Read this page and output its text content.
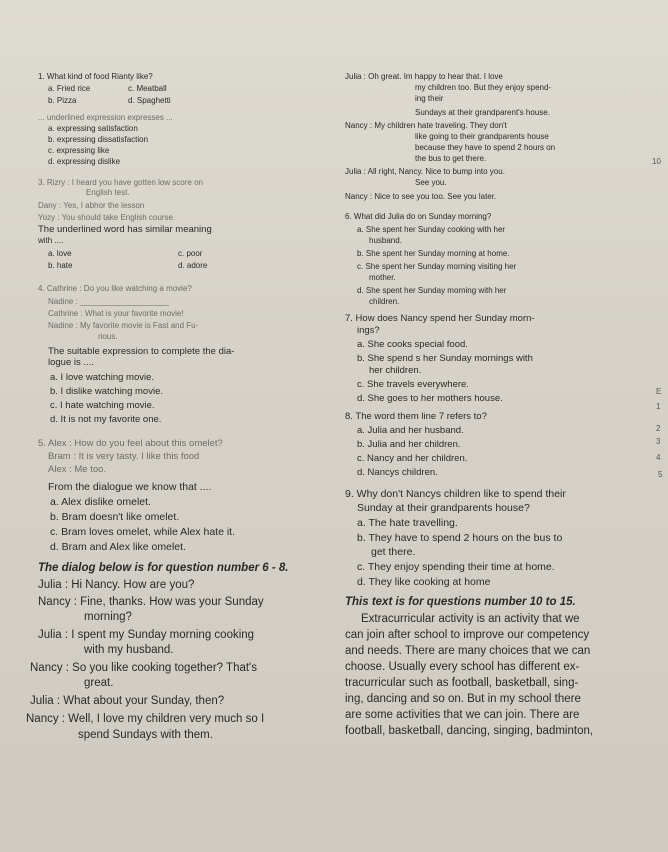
1. What kind of food Rianty like?
a. Fried rice	c. Meatball
b. Pizza	d. Spaghetti
... underlined expression expresses ...
a. expressing satisfaction
b. expressing dissatisfaction
c. expressing like
d. expressing dislike
3. Rizry : I heard you have gotten low score on
English test.
Dany : Yes, I abhor the lesson
Yozy : You should take English course.
The underlined word has similar meaning
with ....
a. love	c. poor
b. hate	d. adore
4. Cathrine : Do you like watching a movie?
Nadine : ____________________
Cathrine : What is your favorite movie!
Nadine : My favorite movie is Fast and Fu-
rious.
The suitable expression to complete the dia-
logue is ....
a. I love watching movie.
b. I dislike watching movie.
c. I hate watching movie.
d. It is not my favorite one.
5. Alex : How do you feel about this omelet?
Bram : It is very tasty. I like this food
Alex : Me too.
From the dialogue we know that ....
a. Alex dislike omelet.
b. Bram doesn't like omelet.
c. Bram loves omelet, while Alex hate it.
d. Bram and Alex like omelet.
The dialog below is for question number 6 - 8.
Julia : Hi Nancy. How are you?
Nancy : Fine, thanks. How was your Sunday
morning?
Julia : I spent my Sunday morning cooking
with my husband.
Nancy : So you like cooking together? That's
great.
Julia : What about your Sunday, then?
Nancy : Well, I love my children very much so I
spend Sundays with them.
Julia : Oh great. Im happy to hear that. I love
my children too. But they enjoy spend-
ing their
Sundays at their grandparent's house.
Nancy : My children hate traveling. They don't
like going to their grandparents house
because they have to spend 2 hours on
the bus to get there.
Julia : All right, Nancy. Nice to bump into you.
See you.
Nancy : Nice to see you too. See you later.
6. What did Julia do on Sunday morning?
a. She spent her Sunday cooking with her
husband.
b. She spent her Sunday morning at home.
c. She spent her Sunday morning visiting her
mother.
d. She spent her Sunday morning with her
children.
7. How does Nancy spend her Sunday morn-
ings?
a. She cooks special food.
b. She spend s her Sunday mornings with
her children.
c. She travels everywhere.
d. She goes to her mothers house.
8. The word them line 7 refers to?
a. Julia and her husband.
b. Julia and her children.
c. Nancy and her children.
d. Nancys children.
9. Why don't Nancys children like to spend their
Sunday at their grandparents house?
a. The hate travelling.
b. They have to spend 2 hours on the bus to
get there.
c. They enjoy spending their time at home.
d. They like cooking at home
This text is for questions number 10 to 15.
Extracurricular activity is an activity that we
can join after school to improve our competency
and needs. There are many choices that we can
choose. Usually every school has different ex-
tracurricular such as football, basketball, sing-
ing, dancing and so on. But in my school there
are some activities that we can join. There are
football, basketball, dancing, singing, badminton,
10
E
1
2
3
4
5
